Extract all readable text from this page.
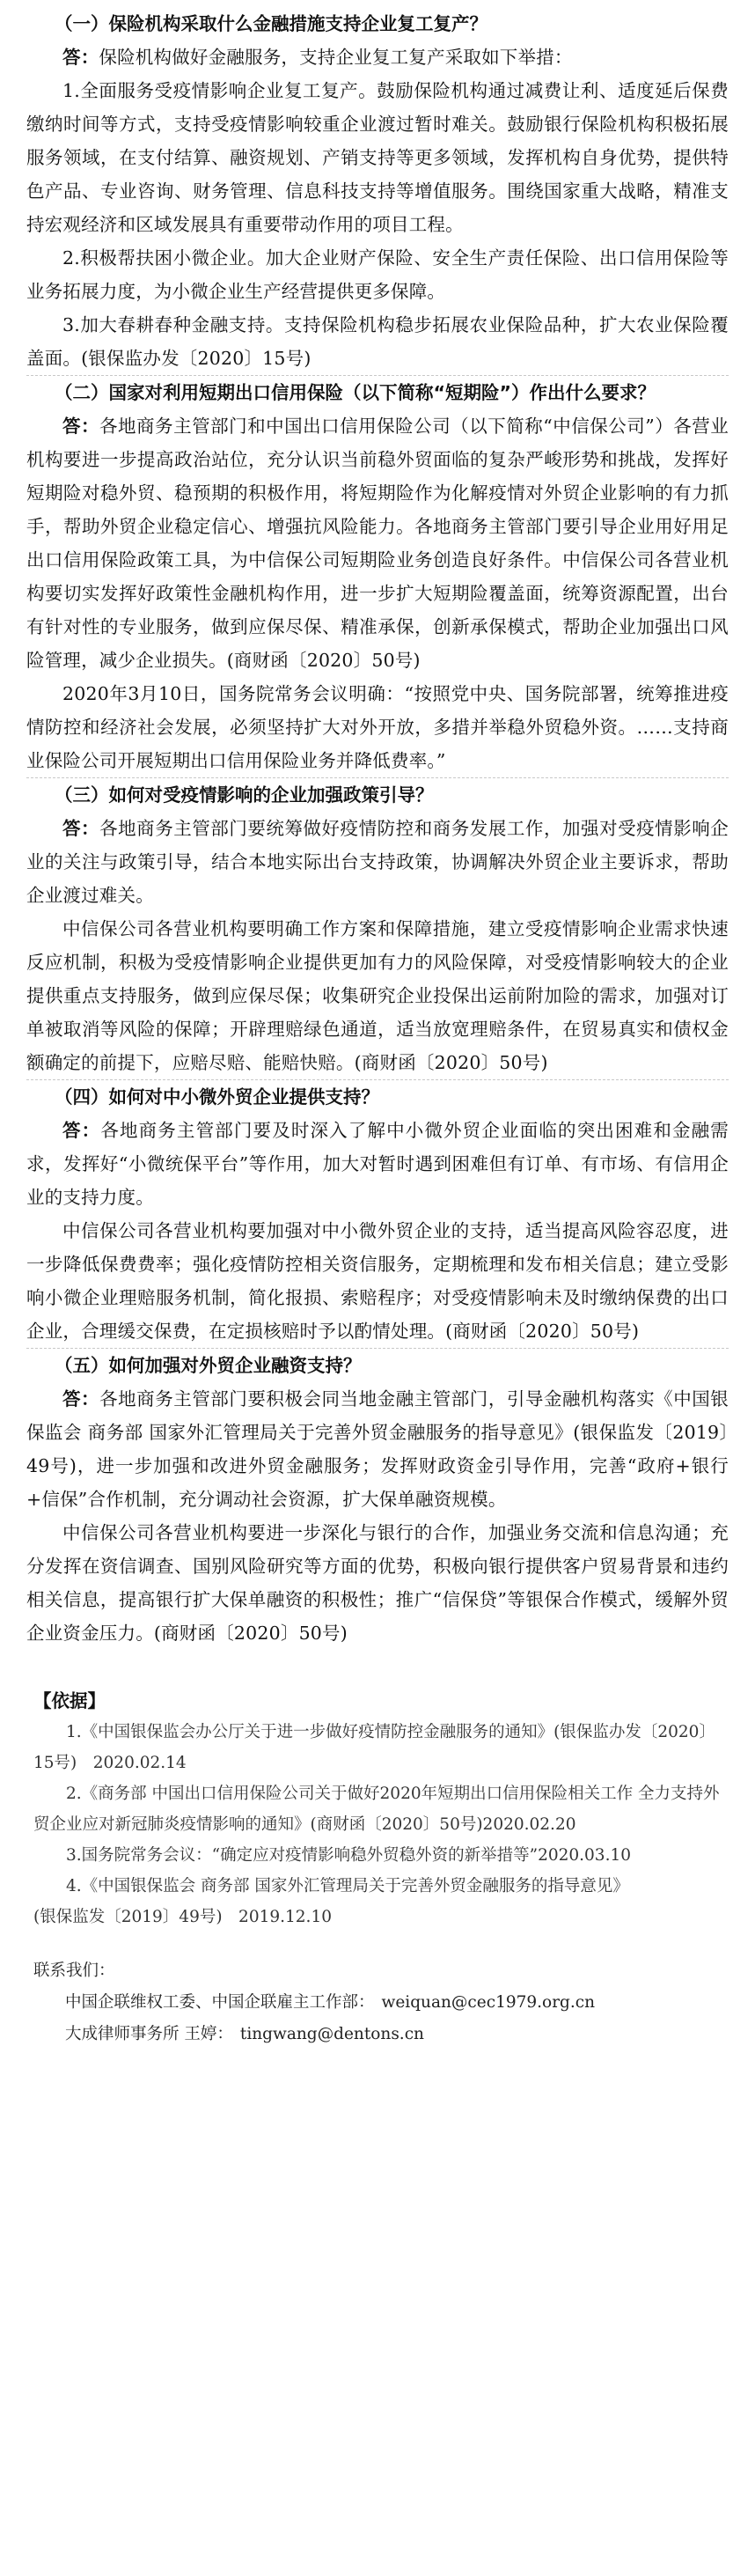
（一）保险机构采取什么金融措施支持企业复工复产？

答：保险机构做好金融服务，支持企业复工复产采取如下举措：

1.全面服务受疫情影响企业复工复产。鼓励保险机构通过减费让利、适度延后保费缴纳时间等方式，支持受疫情影响较重企业渡过暂时难关。鼓励银行保险机构积极拓展服务领域，在支付结算、融资规划、产销支持等更多领域，发挥机构自身优势，提供特色产品、专业咨询、财务管理、信息科技支持等增值服务。围绕国家重大战略，精准支持宏观经济和区域发展具有重要带动作用的项目工程。

2.积极帮扶困小微企业。加大企业财产保险、安全生产责任保险、出口信用保险等业务拓展力度，为小微企业生产经营提供更多保障。

3.加大春耕春种金融支持。支持保险机构稳步拓展农业保险品种，扩大农业保险覆盖面。(银保监办发〔2020〕15号)

（二）国家对利用短期出口信用保险（以下简称“短期险”）作出什么要求？

答：各地商务主管部门和中国出口信用保险公司（以下简称“中信保公司”）各营业机构要进一步提高政治站位，充分认识当前稳外贸面临的复杂严峻形势和挑战，发挥好短期险对稳外贸、稳预期的积极作用，将短期险作为化解疫情对外贸企业影响的有力抓手，帮助外贸企业稳定信心、增强抗风险能力。各地商务主管部门要引导企业用好用足出口信用保险政策工具，为中信保公司短期险业务创造良好条件。中信保公司各营业机构要切实发挥好政策性金融机构作用，进一步扩大短期险覆盖面，统筹资源配置，出台有针对性的专业服务，做到应保尽保、精准承保，创新承保模式，帮助企业加强出口风险管理，减少企业损失。(商财函〔2020〕50号)

2020年3月10日，国务院常务会议明确：“按照党中央、国务院部署，统筹推进疫情防控和经济社会发展，必须坚持扩大对外开放，多措并举稳外贸稳外资。……支持商业保险公司开展短期出口信用保险业务并降低费率。”

（三）如何对受疫情影响的企业加强政策引导？

答：各地商务主管部门要统筹做好疫情防控和商务发展工作，加强对受疫情影响企业的关注与政策引导，结合本地实际出台支持政策，协调解决外贸企业主要诉求，帮助企业渡过难关。

中信保公司各营业机构要明确工作方案和保障措施，建立受疫情影响企业需求快速反应机制，积极为受疫情影响企业提供更加有力的风险保障，对受疫情影响较大的企业提供重点支持服务，做到应保尽保；收集研究企业投保出运前附加险的需求，加强对订单被取消等风险的保障；开辟理赔绿色通道，适当放宽理赔条件，在贸易真实和债权金额确定的前提下，应赔尽赔、能赔快赔。(商财函〔2020〕50号)

（四）如何对中小微外贸企业提供支持？

答：各地商务主管部门要及时深入了解中小微外贸企业面临的突出困难和金融需求，发挥好“小微统保平台”等作用，加大对暂时遇到困难但有订单、有市场、有信用企业的支持力度。

中信保公司各营业机构要加强对中小微外贸企业的支持，适当提高风险容忍度，进一步降低保费费率；强化疫情防控相关资信服务，定期梳理和发布相关信息；建立受影响小微企业理赔服务机制，简化报损、索赔程序；对受疫情影响未及时缴纳保费的出口企业，合理缓交保费，在定损核赔时予以酌情处理。(商财函〔2020〕50号)

（五）如何加强对外贸企业融资支持？

答：各地商务主管部门要积极会同当地金融主管部门，引导金融机构落实《中国银保监会 商务部 国家外汇管理局关于完善外贸金融服务的指导意见》(银保监发〔2019〕49号)，进一步加强和改进外贸金融服务；发挥财政资金引导作用，完善“政府+银行+信保”合作机制，充分调动社会资源，扩大保单融资规模。

中信保公司各营业机构要进一步深化与银行的合作，加强业务交流和信息沟通；充分发挥在资信调查、国别风险研究等方面的优势，积极向银行提供客户贸易背景和违约相关信息，提高银行扩大保单融资的积极性；推广“信保贷”等银保合作模式，缓解外贸企业资金压力。(商财函〔2020〕50号)

【依据】

1.《中国银保监会办公厅关于进一步做好疫情防控金融服务的通知》(银保监办发〔2020〕15号)　2020.02.14

2.《商务部 中国出口信用保险公司关于做好2020年短期出口信用保险相关工作 全力支持外贸企业应对新冠肺炎疫情影响的通知》(商财函〔2020〕50号)2020.02.20

3.国务院常务会议：“确定应对疫情影响稳外贸稳外资的新举措等”2020.03.10

4.《中国银保监会 商务部 国家外汇管理局关于完善外贸金融服务的指导意见》

(银保监发〔2019〕49号)　2019.12.10

联系我们：

中国企联维权工委、中国企联雇主工作部： weiquan@cec1979.org.cn

大成律师事务所 王婷： tingwang@dentons.cn
